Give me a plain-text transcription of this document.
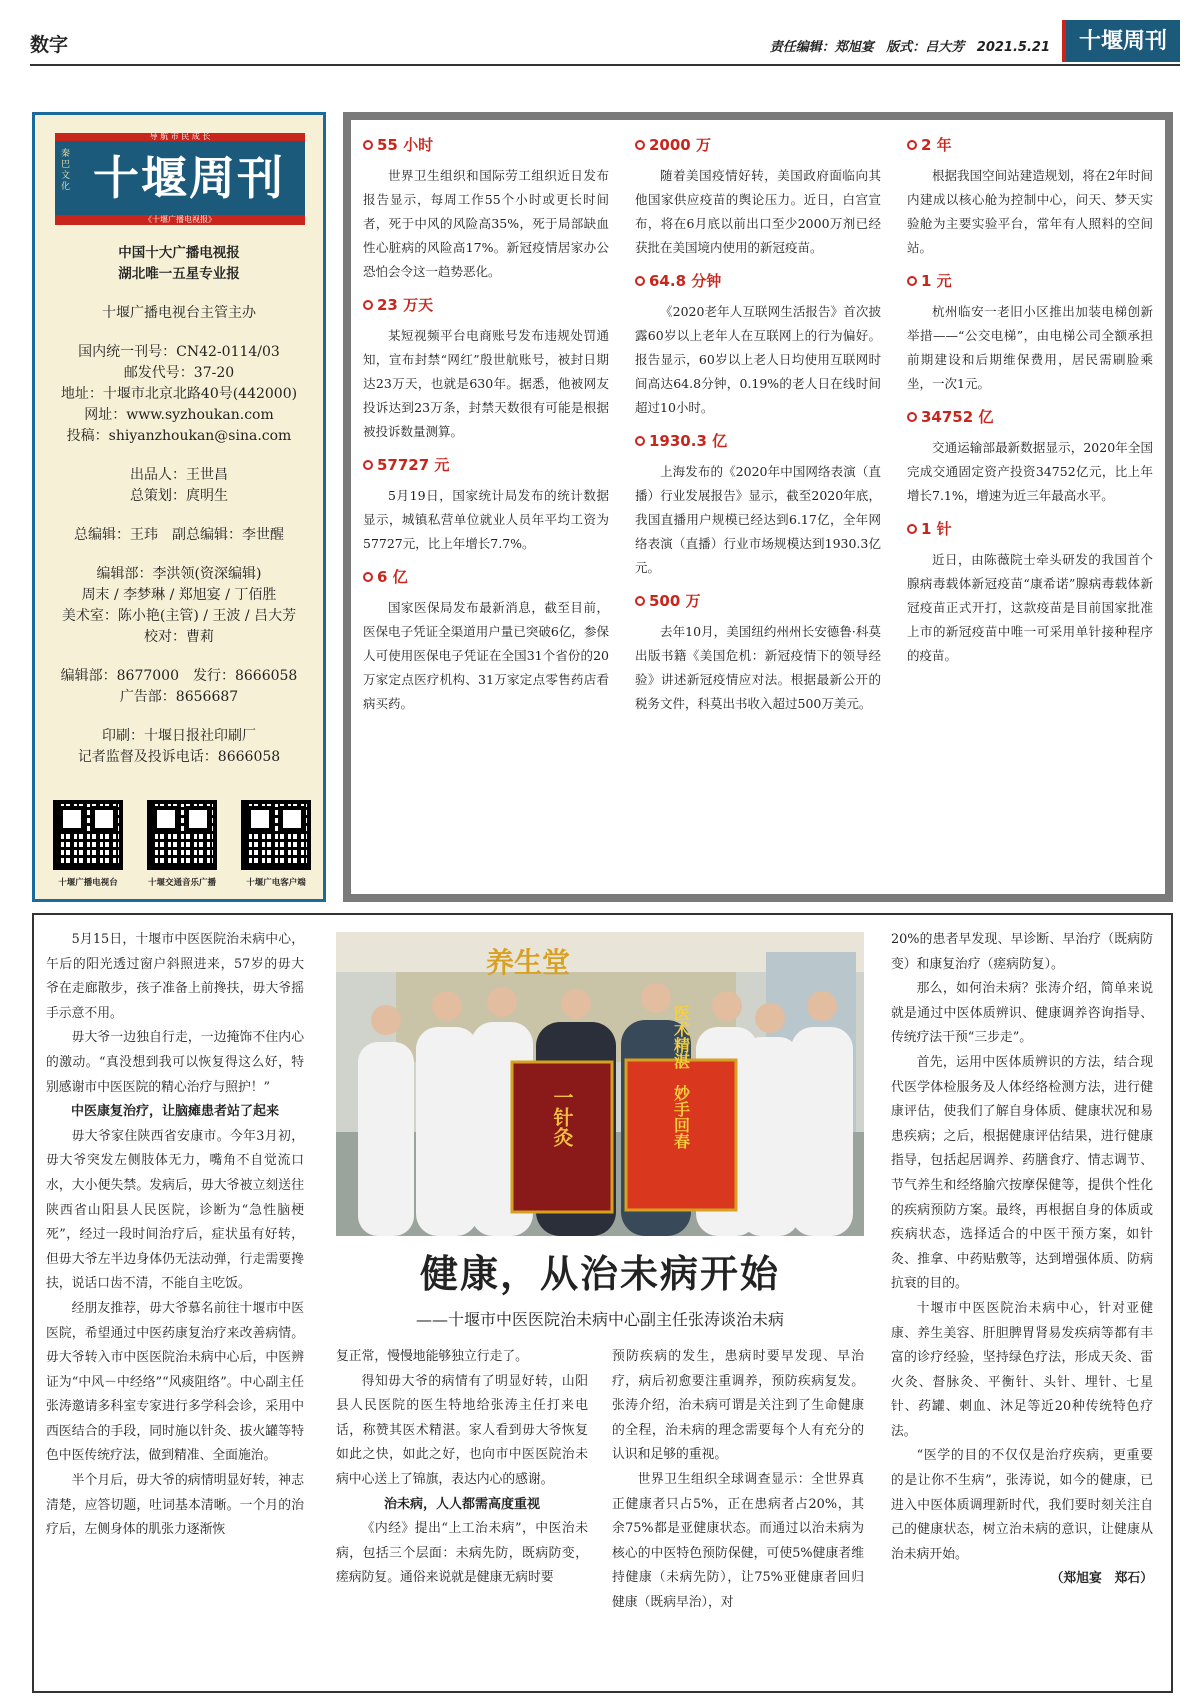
数字	责任编辑：郑旭宴 版式：吕大芳 2021.5.21	十堰周刊
导 航 市 民 成 长
秦 巴 文 化 十堰周刊
《十堰广播电视报》

中国十大广播电视报

湖北唯一五星专业报

十堰广播电视台主管主办

国内统一刊号：CN42-0114/03

邮发代号：37-20

地址：十堰市北京北路40号(442000)

网址：www.syzhoukan.com

投稿：shiyanzhoukan@sina.com

出品人：王世昌

总策划：庹明生

总编辑：王玮　副总编辑：李世醒

编辑部：李洪领(资深编辑)

周末 / 李梦琳 / 郑旭宴 / 丁佰胜

美术室：陈小艳(主管) / 王波 / 吕大芳

校对：曹莉

编辑部：8677000　发行：8666058

广告部：8656687

印刷：十堰日报社印刷厂

记者监督及投诉电话：8666058

十堰广播电视台	十堰交通音乐广播	十堰广电客户端
55 小时

世界卫生组织和国际劳工组织近日发布报告显示，每周工作55个小时或更长时间者，死于中风的风险高35%，死于局部缺血性心脏病的风险高17%。新冠疫情居家办公恐怕会令这一趋势恶化。

23 万天

某短视频平台电商账号发布违规处罚通知，宣布封禁“网红”殷世航账号，被封日期达23万天，也就是630年。据悉，他被网友投诉达到23万条，封禁天数很有可能是根据被投诉数量测算。

57727 元

5月19日，国家统计局发布的统计数据显示，城镇私营单位就业人员年平均工资为57727元，比上年增长7.7%。

6 亿

国家医保局发布最新消息，截至目前，医保电子凭证全渠道用户量已突破6亿，参保人可使用医保电子凭证在全国31个省份的20万家定点医疗机构、31万家定点零售药店看病买药。

2000 万

随着美国疫情好转，美国政府面临向其他国家供应疫苗的舆论压力。近日，白宫宣布，将在6月底以前出口至少2000万剂已经获批在美国境内使用的新冠疫苗。

64.8 分钟

《2020老年人互联网生活报告》首次披露60岁以上老年人在互联网上的行为偏好。报告显示，60岁以上老人日均使用互联网时间高达64.8分钟，0.19%的老人日在线时间超过10小时。

1930.3 亿

上海发布的《2020年中国网络表演（直播）行业发展报告》显示，截至2020年底，我国直播用户规模已经达到6.17亿，全年网络表演（直播）行业市场规模达到1930.3亿元。

500 万

去年10月，美国纽约州州长安德鲁·科莫出版书籍《美国危机：新冠疫情下的领导经验》讲述新冠疫情应对法。根据最新公开的税务文件，科莫出书收入超过500万美元。

2 年

根据我国空间站建造规划，将在2年时间内建成以核心舱为控制中心，问天、梦天实验舱为主要实验平台，常年有人照料的空间站。

1 元

杭州临安一老旧小区推出加装电梯创新举措——“公交电梯”，由电梯公司全额承担前期建设和后期维保费用，居民需刷脸乘坐，一次1元。

34752 亿

交通运输部最新数据显示，2020年全国完成交通固定资产投资34752亿元，比上年增长7.1%，增速为近三年最高水平。

1 针

近日，由陈薇院士牵头研发的我国首个腺病毒载体新冠疫苗“康希诺”腺病毒载体新冠疫苗正式开打，这款疫苗是目前国家批准上市的新冠疫苗中唯一可采用单针接种程序的疫苗。

5月15日，十堰市中医医院治未病中心，午后的阳光透过窗户斜照进来，57岁的毋大爷在走廊散步，孩子准备上前搀扶，毋大爷摇手示意不用。

毋大爷一边独自行走，一边掩饰不住内心的激动。“真没想到我可以恢复得这么好，特别感谢市中医医院的精心治疗与照护！”

中医康复治疗，让脑瘫患者站了起来

毋大爷家住陕西省安康市。今年3月初，毋大爷突发左侧肢体无力，嘴角不自觉流口水，大小便失禁。发病后，毋大爷被立刻送往陕西省山阳县人民医院，诊断为“急性脑梗死”，经过一段时间治疗后，症状虽有好转，但毋大爷左半边身体仍无法动弹，行走需要搀扶，说话口齿不清，不能自主吃饭。

经朋友推荐，毋大爷慕名前往十堰市中医医院，希望通过中医药康复治疗来改善病情。毋大爷转入市中医医院治未病中心后，中医辨证为“中风－中经络”“风痰阻络”。中心副主任张涛邀请多科室专家进行多学科会诊，采用中西医结合的手段，同时施以针灸、拔火罐等特色中医传统疗法，做到精准、全面施治。

半个月后，毋大爷的病情明显好转，神志清楚，应答切题，吐词基本清晰。一个月的治疗后，左侧身体的肌张力逐渐恢

养生堂
一针灸	医术精湛　妙手回春
健康，从治未病开始
——十堰市中医医院治未病中心副主任张涛谈治未病

复正常，慢慢地能够独立行走了。

得知毋大爷的病情有了明显好转，山阳县人民医院的医生特地给张涛主任打来电话，称赞其医术精湛。家人看到毋大爷恢复如此之快，如此之好，也向市中医医院治未病中心送上了锦旗，表达内心的感谢。

治未病，人人都需高度重视

《内经》提出“上工治未病”，中医治未病，包括三个层面：未病先防，既病防变，瘥病防复。通俗来说就是健康无病时要

预防疾病的发生，患病时要早发现、早治疗，病后初愈要注重调养，预防疾病复发。张涛介绍，治未病可谓是关注到了生命健康的全程，治未病的理念需要每个人有充分的认识和足够的重视。

世界卫生组织全球调查显示：全世界真正健康者只占5%，正在患病者占20%，其余75%都是亚健康状态。而通过以治未病为核心的中医特色预防保健，可使5%健康者维持健康（未病先防），让75%亚健康者回归健康（既病早治），对

20%的患者早发现、早诊断、早治疗（既病防变）和康复治疗（瘥病防复）。

那么，如何治未病？张涛介绍，简单来说就是通过中医体质辨识、健康调养咨询指导、传统疗法干预“三步走”。

首先，运用中医体质辨识的方法，结合现代医学体检服务及人体经络检测方法，进行健康评估，使我们了解自身体质、健康状况和易患疾病；之后，根据健康评估结果，进行健康指导，包括起居调养、药膳食疗、情志调节、节气养生和经络腧穴按摩保健等，提供个性化的疾病预防方案。最终，再根据自身的体质或疾病状态，选择适合的中医干预方案，如针灸、推拿、中药贴敷等，达到增强体质、防病抗衰的目的。

十堰市中医医院治未病中心，针对亚健康、养生美容、肝胆脾胃肾易发疾病等都有丰富的诊疗经验，坚持绿色疗法，形成天灸、雷火灸、督脉灸、平衡针、头针、埋针、七星针、药罐、刺血、沐足等近20种传统特色疗法。

“医学的目的不仅仅是治疗疾病，更重要的是让你不生病”，张涛说，如今的健康，已进入中医体质调理新时代，我们要时刻关注自己的健康状态，树立治未病的意识，让健康从治未病开始。

（郑旭宴　郑石）
